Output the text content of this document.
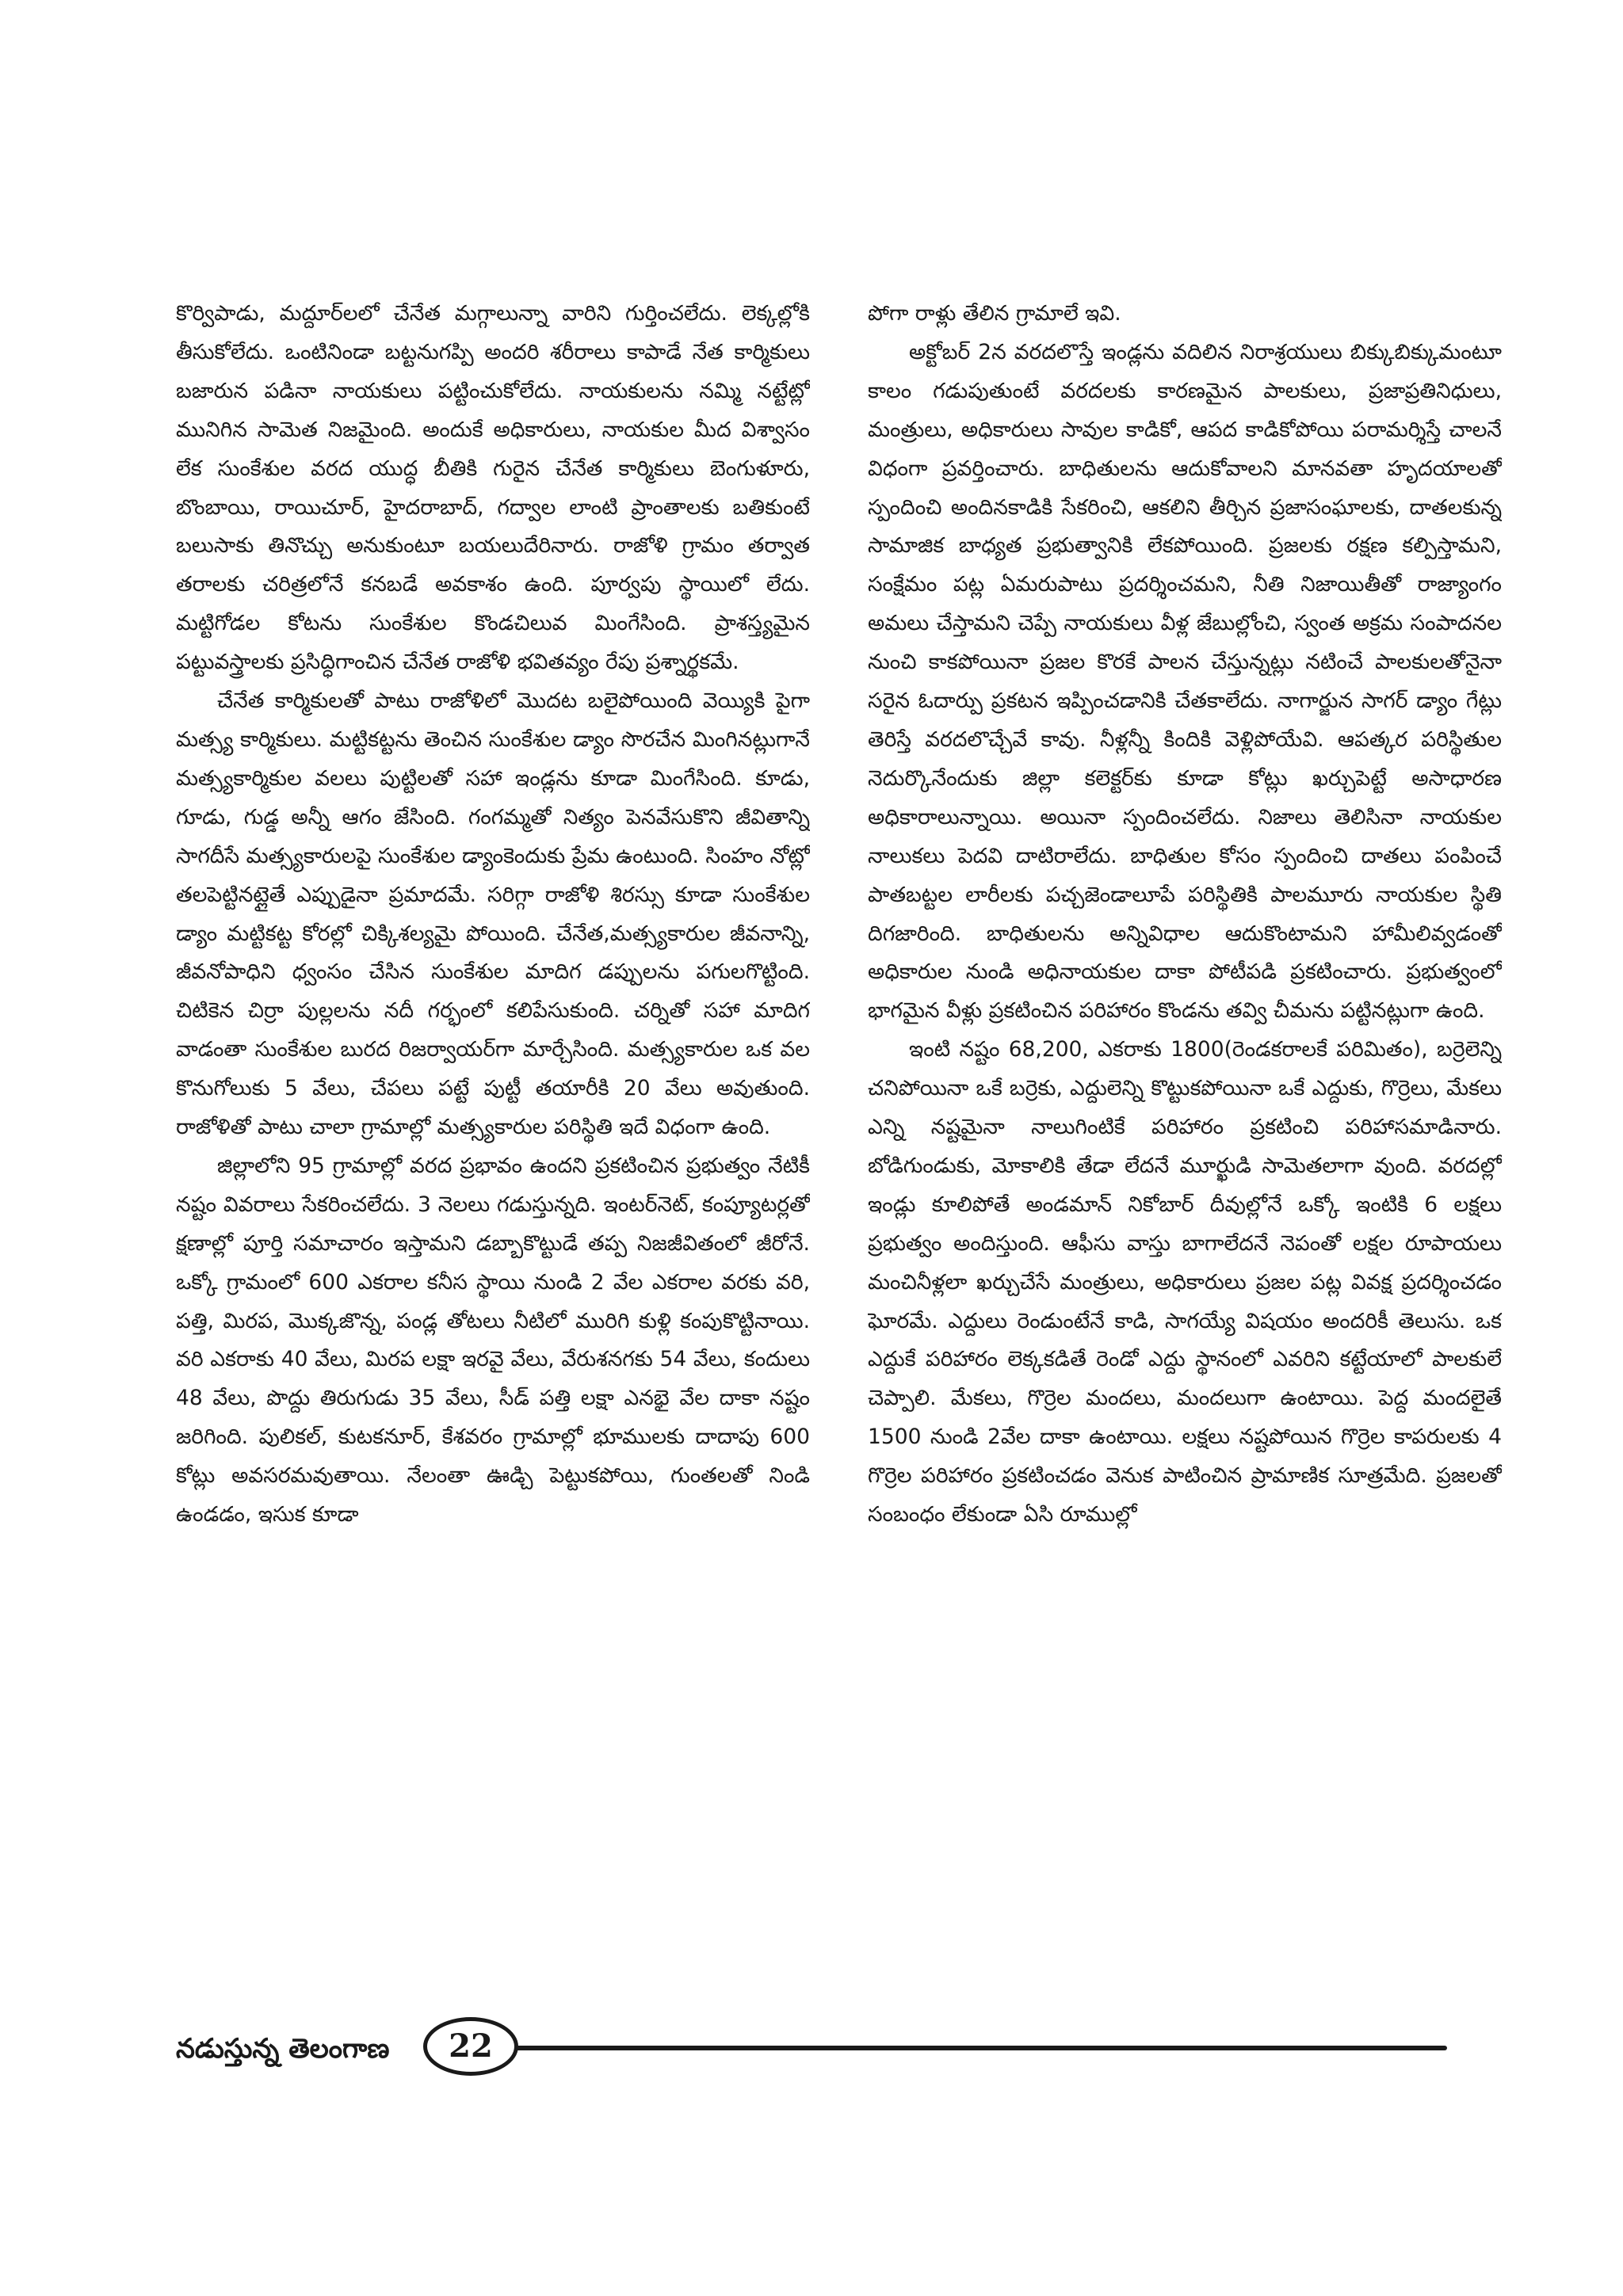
కొర్విపాడు, మద్దూర్‌లలో చేనేత మగ్గాలున్నా వారిని గుర్తించలేదు. లెక్కల్లోకి తీసుకోలేదు. ఒంటినిండా బట్టనుగప్పి అందరి శరీరాలు కాపాడే నేత కార్మికులు బజారున పడినా నాయకులు పట్టించుకోలేదు. నాయకులను నమ్మి నట్టేట్లో మునిగిన సామెత నిజమైంది. అందుకే అధికారులు, నాయకుల మీద విశ్వాసం లేక సుంకేశుల వరద యుద్ధ బీతికి గురైన చేనేత కార్మికులు బెంగుళూరు, బొంబాయి, రాయిచూర్, హైదరాబాద్, గద్వాల లాంటి ప్రాంతాలకు బతికుంటే బలుసాకు తినొచ్చు అనుకుంటూ బయలుదేరినారు. రాజోళి గ్రామం తర్వాత తరాలకు చరిత్రలోనే కనబడే అవకాశం ఉంది. పూర్వపు స్థాయిలో లేదు. మట్టిగోడల కోటను సుంకేశుల కొండచిలువ మింగేసింది. ప్రాశస్త్యమైన పట్టువస్త్రాలకు ప్రసిద్ధిగాంచిన చేనేత రాజోళి భవితవ్యం రేపు ప్రశ్నార్థకమే.

చేనేత కార్మికులతో పాటు రాజోళిలో మొదట బలైపోయింది వెయ్యికి పైగా మత్స్య కార్మికులు. మట్టికట్టను తెంచిన సుంకేశుల డ్యాం సొరచేన మింగినట్లుగానే మత్స్యకార్మికుల వలలు పుట్టిలతో సహా ఇండ్లను కూడా మింగేసింది. కూడు, గూడు, గుడ్డ అన్నీ ఆగం జేసింది. గంగమ్మతో నిత్యం పెనవేసుకొని జీవితాన్ని సాగదీసే మత్స్యకారులపై సుంకేశుల డ్యాంకెందుకు ప్రేమ ఉంటుంది. సింహం నోట్లో తలపెట్టినట్లైతే ఎప్పుడైనా ప్రమాదమే. సరిగ్గా రాజోళి శిరస్సు కూడా సుంకేశుల డ్యాం మట్టికట్ట కోరల్లో చిక్కిశల్యమై పోయింది. చేనేత,మత్స్యకారుల జీవనాన్ని, జీవనోపాధిని ధ్వంసం చేసిన సుంకేశుల మాదిగ డప్పులను పగులగొట్టింది. చిటికెన చిర్రా పుల్లలను నదీ గర్భంలో కలిపేసుకుంది. చర్నితో సహా మాదిగ వాడంతా సుంకేశుల బురద రిజర్వాయర్‌గా మార్చేసింది. మత్స్యకారుల ఒక వల కొనుగోలుకు 5 వేలు, చేపలు పట్టే పుట్టీ తయారీకి 20 వేలు అవుతుంది. రాజోళితో పాటు చాలా గ్రామాల్లో మత్స్యకారుల పరిస్థితి ఇదే విధంగా ఉంది.

జిల్లాలోని 95 గ్రామాల్లో వరద ప్రభావం ఉందని ప్రకటించిన ప్రభుత్వం నేటికీ నష్టం వివరాలు సేకరించలేదు. 3 నెలలు గడుస్తున్నది. ఇంటర్‌నెట్, కంప్యూటర్లతో క్షణాల్లో పూర్తి సమాచారం ఇస్తామని డబ్బాకొట్టుడే తప్ప నిజజీవితంలో జీరోనే. ఒక్కో గ్రామంలో 600 ఎకరాల కనీస స్థాయి నుండి 2 వేల ఎకరాల వరకు వరి, పత్తి, మిరప, మొక్కజొన్న, పండ్ల తోటలు నీటిలో మురిగి కుళ్లి కంపుకొట్టినాయి. వరి ఎకరాకు 40 వేలు, మిరప లక్షా ఇరవై వేలు, వేరుశనగకు 54 వేలు, కందులు 48 వేలు, పొద్దు తిరుగుడు 35 వేలు, సీడ్ పత్తి లక్షా ఎనభై వేల దాకా నష్టం జరిగింది. పులికల్, కుటకనూర్, కేశవరం గ్రామాల్లో భూములకు దాదాపు 600 కోట్లు అవసరమవుతాయి. నేలంతా ఊడ్చి పెట్టుకపోయి, గుంతలతో నిండి ఉండడం, ఇసుక కూడా

పోగా రాళ్లు తేలిన గ్రామాలే ఇవి.

అక్టోబర్ 2న వరదలొస్తే ఇండ్లను వదిలిన నిరాశ్రయులు బిక్కుబిక్కుమంటూ కాలం గడుపుతుంటే వరదలకు కారణమైన పాలకులు, ప్రజాప్రతినిధులు, మంత్రులు, అధికారులు సావుల కాడికో, ఆపద కాడికోపోయి పరామర్శిస్తే చాలనే విధంగా ప్రవర్తించారు. బాధితులను ఆదుకోవాలని మానవతా హృదయాలతో స్పందించి అందినకాడికి సేకరించి, ఆకలిని తీర్చిన ప్రజాసంఘాలకు, దాతలకున్న సామాజిక బాధ్యత ప్రభుత్వానికి లేకపోయింది. ప్రజలకు రక్షణ కల్పిస్తామని, సంక్షేమం పట్ల ఏమరుపాటు ప్రదర్శించమని, నీతి నిజాయితీతో రాజ్యాంగం అమలు చేస్తామని చెప్పే నాయకులు వీళ్ల జేబుల్లోంచి, స్వంత అక్రమ సంపాదనల నుంచి కాకపోయినా ప్రజల కొరకే పాలన చేస్తున్నట్లు నటించే పాలకులతోనైనా సరైన ఓదార్పు ప్రకటన ఇప్పించడానికి చేతకాలేదు. నాగార్జున సాగర్ డ్యాం గేట్లు తెరిస్తే వరదలొచ్చేవే కావు. నీళ్లన్నీ కిందికి వెళ్లిపోయేవి. ఆపత్కర పరిస్థితుల నెదుర్కొనేందుకు జిల్లా కలెక్టర్‌కు కూడా కోట్లు ఖర్చుపెట్టే అసాధారణ అధికారాలున్నాయి. అయినా స్పందించలేదు. నిజాలు తెలిసినా నాయకుల నాలుకలు పెదవి దాటిరాలేదు. బాధితుల కోసం స్పందించి దాతలు పంపించే పాతబట్టల లారీలకు పచ్చజెండాలూపే పరిస్థితికి పాలమూరు నాయకుల స్థితి దిగజారింది. బాధితులను అన్నివిధాల ఆదుకొంటామని హామీలివ్వడంతో అధికారుల నుండి అధినాయకుల దాకా పోటీపడి ప్రకటించారు. ప్రభుత్వంలో భాగమైన వీళ్లు ప్రకటించిన పరిహారం కొండను తవ్వి చీమను పట్టినట్లుగా ఉంది.

ఇంటి నష్టం 68,200, ఎకరాకు 1800(రెండకరాలకే పరిమితం), బర్రెలెన్ని చనిపోయినా ఒకే బర్రెకు, ఎద్దులెన్ని కొట్టుకపోయినా ఒకే ఎద్దుకు, గొర్రెలు, మేకలు ఎన్ని నష్టమైనా నాలుగింటికే పరిహారం ప్రకటించి పరిహాసమాడినారు. బోడిగుండుకు, మోకాలికి తేడా లేదనే మూర్ఖుడి సామెతలాగా వుంది. వరదల్లో ఇండ్లు కూలిపోతే అండమాన్ నికోబార్ దీవుల్లోనే ఒక్కో ఇంటికి 6 లక్షలు ప్రభుత్వం అందిస్తుంది. ఆఫీసు వాస్తు బాగాలేదనే నెపంతో లక్షల రూపాయలు మంచినీళ్లలా ఖర్చుచేసే మంత్రులు, అధికారులు ప్రజల పట్ల వివక్ష ప్రదర్శించడం ఘోరమే. ఎద్దులు రెండుంటేనే కాడి, సాగయ్యే విషయం అందరికీ తెలుసు. ఒక ఎద్దుకే పరిహారం లెక్కకడితే రెండో ఎద్దు స్థానంలో ఎవరిని కట్టేయాలో పాలకులే చెప్పాలి. మేకలు, గొర్రెల మందలు, మందలుగా ఉంటాయి. పెద్ద మందలైతే 1500 నుండి 2వేల దాకా ఉంటాయి. లక్షలు నష్టపోయిన గొర్రెల కాపరులకు 4 గొర్రెల పరిహారం ప్రకటించడం వెనుక పాటించిన ప్రామాణిక సూత్రమేది. ప్రజలతో సంబంధం లేకుండా ఏసి రూముల్లో

నడుస్తున్న తెలంగాణ 22
